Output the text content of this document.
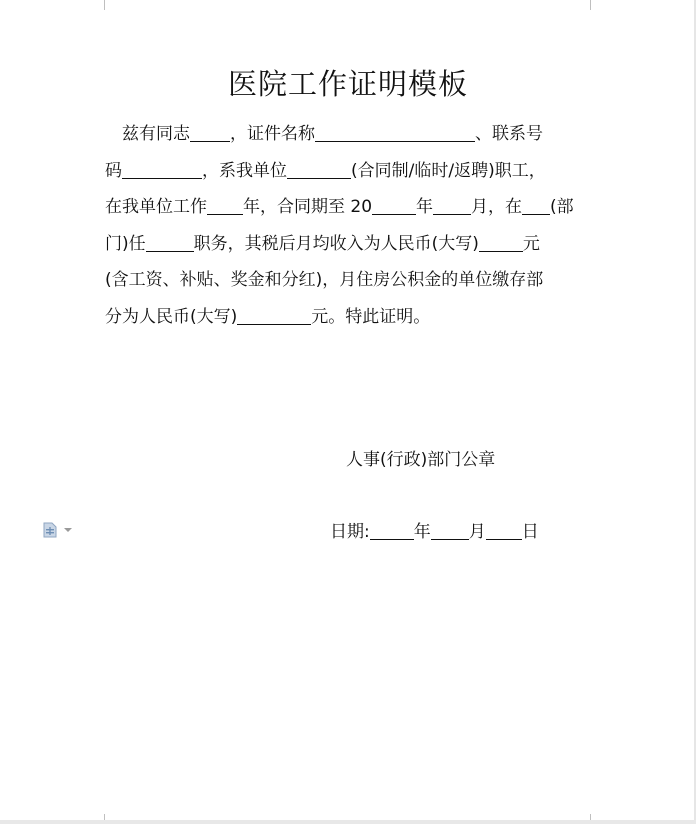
医院工作证明模板
兹有同志 ，证件名称	、联系号
码	，系我单位	(合同制/临时/返聘)职工，
在我单位工作 年，合同期至 20	年 月，在 (部
门)任	职务，其税后月均收入为人民币(大写)	元
(含工资、补贴、奖金和分红)，月住房公积金的单位缴存部
分为人民币(大写)	元。特此证明。
人事(行政)部门公章
日期:	年 月 日
